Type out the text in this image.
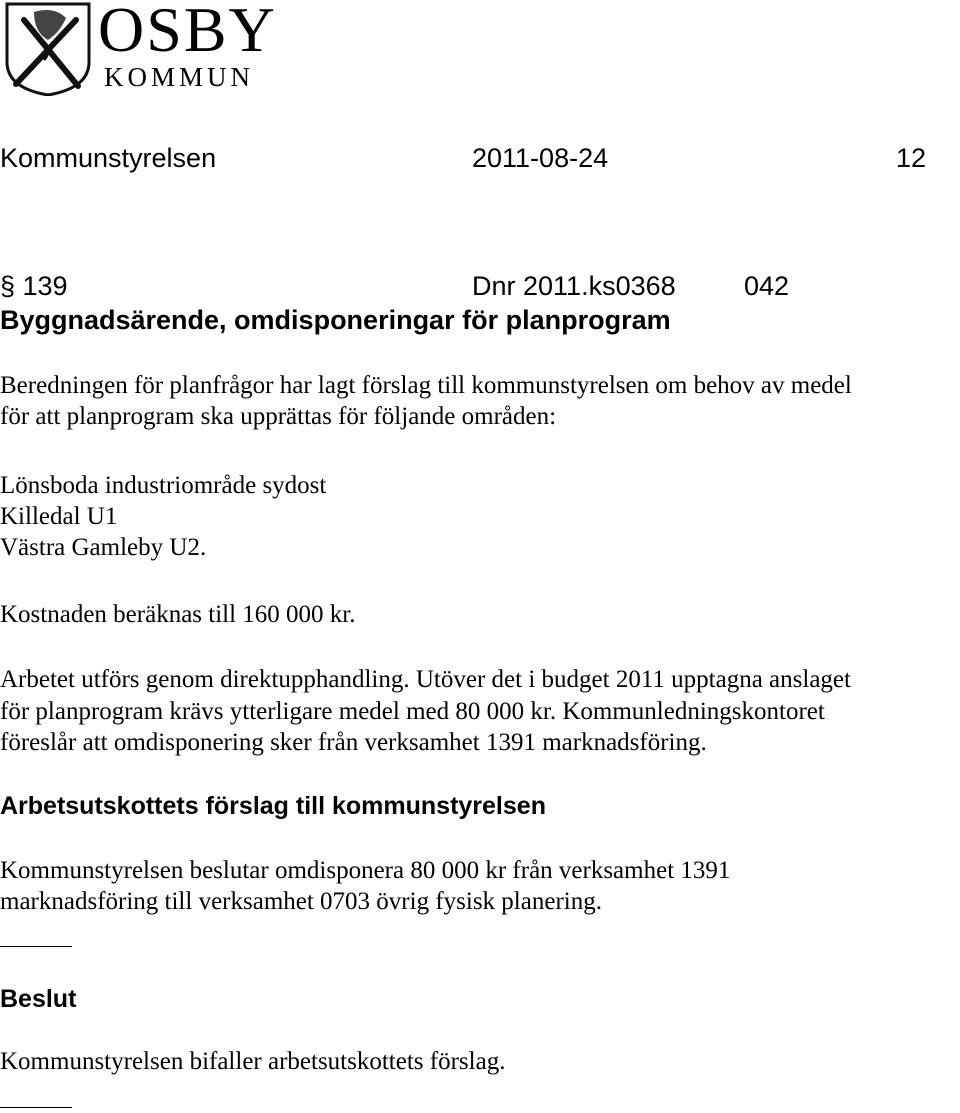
OSBY
KOMMUN
Kommunstyrelsen	2011-08-24	12
§ 139	Dnr 2011.ks0368	042
Byggnadsärende, omdisponeringar för planprogram
Beredningen för planfrågor har lagt förslag till kommunstyrelsen om behov av medel
för att planprogram ska upprättas för följande områden:
Lönsboda industriområde sydost
Killedal U1
Västra Gamleby U2.
Kostnaden beräknas till 160 000 kr.
Arbetet utförs genom direktupphandling. Utöver det i budget 2011 upptagna anslaget
för planprogram krävs ytterligare medel med 80 000 kr. Kommunledningskontoret
föreslår att omdisponering sker från verksamhet 1391 marknadsföring.
Arbetsutskottets förslag till kommunstyrelsen
Kommunstyrelsen beslutar omdisponera 80 000 kr från verksamhet 1391
marknadsföring till verksamhet 0703 övrig fysisk planering.
Beslut
Kommunstyrelsen bifaller arbetsutskottets förslag.
